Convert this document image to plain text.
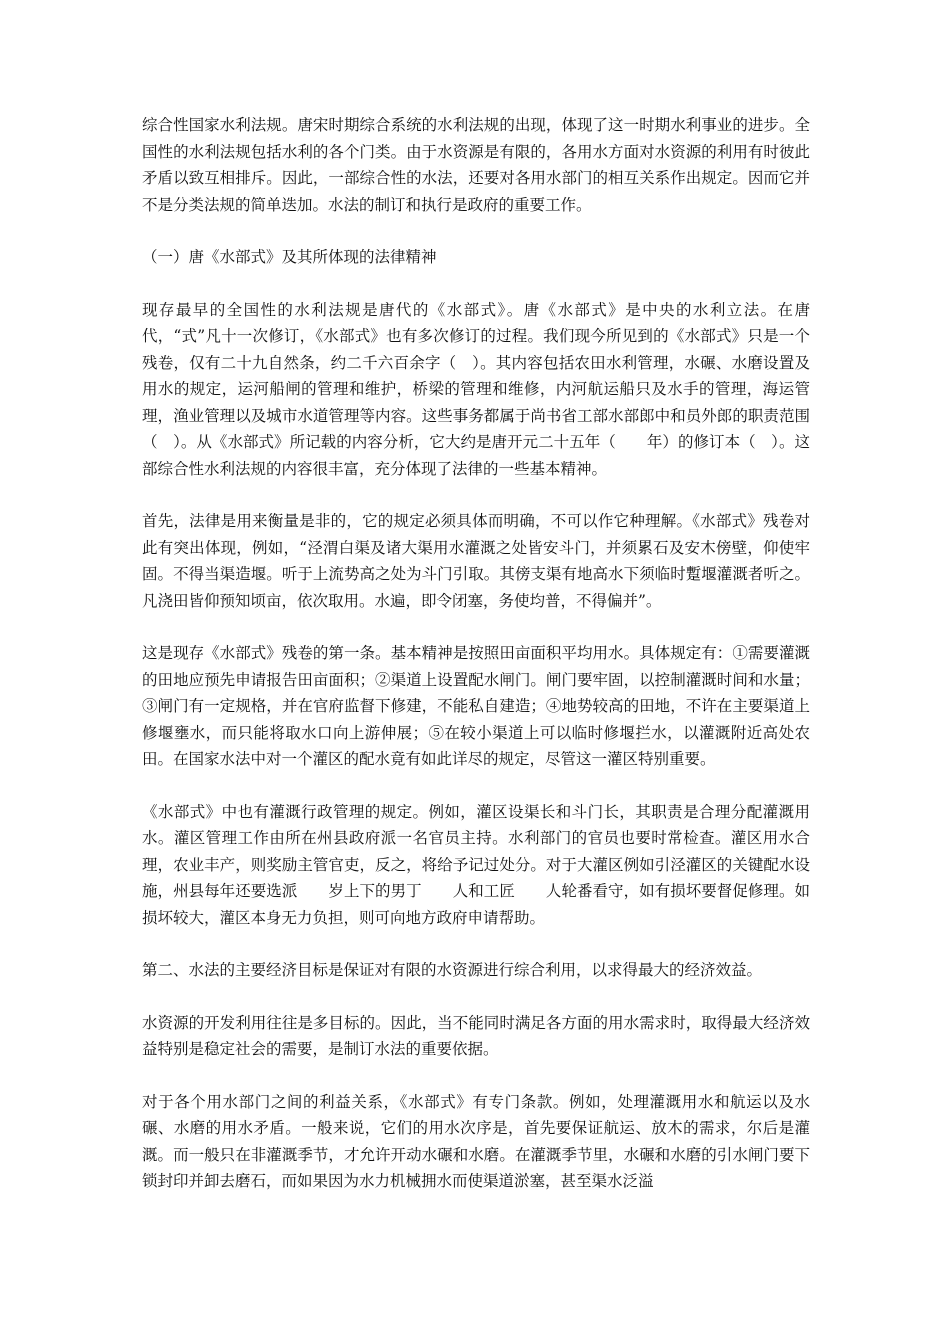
综合性国家水利法规。唐宋时期综合系统的水利法规的出现，体现了这一时期水利事业的进步。全国性的水利法规包括水利的各个门类。由于水资源是有限的，各用水方面对水资源的利用有时彼此矛盾以致互相排斥。因此，一部综合性的水法，还要对各用水部门的相互关系作出规定。因而它并不是分类法规的简单迭加。水法的制订和执行是政府的重要工作。

（一）唐《水部式》及其所体现的法律精神

现存最早的全国性的水利法规是唐代的《水部式》。唐《水部式》是中央的水利立法。在唐代，“式”凡十一次修订，《水部式》也有多次修订的过程。我们现今所见到的《水部式》只是一个残卷，仅有二十九自然条，约二千六百余字（　）。其内容包括农田水利管理，水碾、水磨设置及用水的规定，运河船闸的管理和维护，桥梁的管理和维修，内河航运船只及水手的管理，海运管理，渔业管理以及城市水道管理等内容。这些事务都属于尚书省工部水部郎中和员外郎的职责范围（　）。从《水部式》所记载的内容分析，它大约是唐开元二十五年（　　年）的修订本（　）。这部综合性水利法规的内容很丰富，充分体现了法律的一些基本精神。

首先，法律是用来衡量是非的，它的规定必须具体而明确，不可以作它种理解。《水部式》残卷对此有突出体现，例如，“泾渭白渠及诸大渠用水灌溉之处皆安斗门，并须累石及安木傍壁，仰使牢固。不得当渠造堰。听于上流势高之处为斗门引取。其傍支渠有地高水下须临时蹔堰灌溉者听之。凡浇田皆仰预知顷亩，依次取用。水遍，即令闭塞，务使均普，不得偏并”。

这是现存《水部式》残卷的第一条。基本精神是按照田亩面积平均用水。具体规定有：①需要灌溉的田地应预先申请报告田亩面积；②渠道上设置配水闸门。闸门要牢固，以控制灌溉时间和水量；③闸门有一定规格，并在官府监督下修建，不能私自建造；④地势较高的田地，不许在主要渠道上修堰壅水，而只能将取水口向上游伸展；⑤在较小渠道上可以临时修堰拦水，以灌溉附近高处农田。在国家水法中对一个灌区的配水竟有如此详尽的规定，尽管这一灌区特别重要。

《水部式》中也有灌溉行政管理的规定。例如，灌区设渠长和斗门长，其职责是合理分配灌溉用水。灌区管理工作由所在州县政府派一名官员主持。水利部门的官员也要时常检查。灌区用水合理，农业丰产，则奖励主管官吏，反之，将给予记过处分。对于大灌区例如引泾灌区的关键配水设施，州县每年还要选派　　岁上下的男丁　　人和工匠　　人轮番看守，如有损坏要督促修理。如损坏较大，灌区本身无力负担，则可向地方政府申请帮助。

第二、水法的主要经济目标是保证对有限的水资源进行综合利用，以求得最大的经济效益。

水资源的开发利用往往是多目标的。因此，当不能同时满足各方面的用水需求时，取得最大经济效益特别是稳定社会的需要，是制订水法的重要依据。

对于各个用水部门之间的利益关系，《水部式》有专门条款。例如，处理灌溉用水和航运以及水碾、水磨的用水矛盾。一般来说，它们的用水次序是，首先要保证航运、放木的需求，尔后是灌溉。而一般只在非灌溉季节，才允许开动水碾和水磨。在灌溉季节里，水碾和水磨的引水闸门要下锁封印并卸去磨石，而如果因为水力机械拥水而使渠道淤塞，甚至渠水泛溢
